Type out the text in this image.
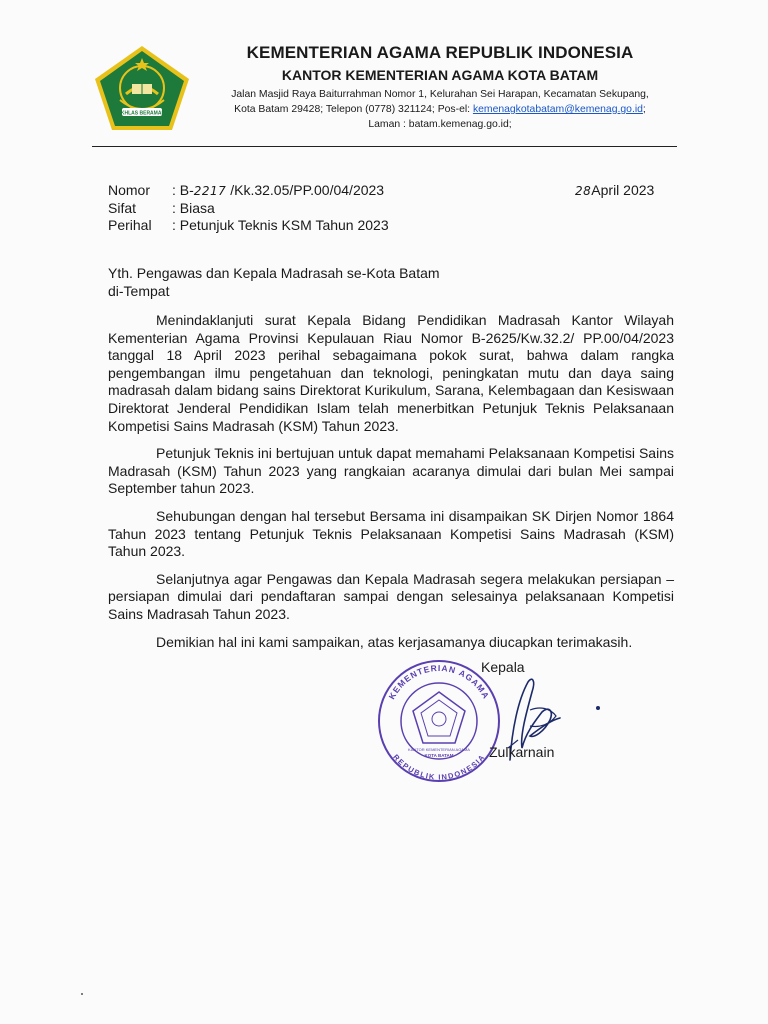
IKHLAS BERAMAL
KEMENTERIAN AGAMA REPUBLIK INDONESIA
KANTOR KEMENTERIAN AGAMA KOTA BATAM
Jalan Masjid Raya Baiturrahman Nomor 1, Kelurahan Sei Harapan, Kecamatan Sekupang,
Kota Batam 29428; Telepon (0778) 321124; Pos-el: kemenagkotabatam@kemenag.go.id;
Laman : batam.kemenag.go.id;
Nomor	: B-2217 /Kk.32.05/PP.00/04/2023
Sifat	: Biasa
Perihal	: Petunjuk Teknis KSM Tahun 2023
28April 2023
Yth. Pengawas dan Kepala Madrasah se-Kota Batam
di-Tempat

Menindaklanjuti surat Kepala Bidang Pendidikan Madrasah Kantor Wilayah Kementerian Agama Provinsi Kepulauan Riau Nomor B-2625/Kw.32.2/ PP.00/04/2023 tanggal 18 April 2023 perihal sebagaimana pokok surat, bahwa dalam rangka pengembangan ilmu pengetahuan dan teknologi, peningkatan mutu dan daya saing madrasah dalam bidang sains Direktorat Kurikulum, Sarana, Kelembagaan dan Kesiswaan Direktorat Jenderal Pendidikan Islam telah menerbitkan Petunjuk Teknis Pelaksanaan Kompetisi Sains Madrasah (KSM) Tahun 2023.

Petunjuk Teknis ini bertujuan untuk dapat memahami Pelaksanaan Kompetisi Sains Madrasah (KSM) Tahun 2023 yang rangkaian acaranya dimulai dari bulan Mei sampai September tahun 2023.

Sehubungan dengan hal tersebut Bersama ini disampaikan SK Dirjen Nomor 1864 Tahun 2023 tentang Petunjuk Teknis Pelaksanaan Kompetisi Sains Madrasah (KSM) Tahun 2023.

Selanjutnya agar Pengawas dan Kepala Madrasah segera melakukan persiapan – persiapan dimulai dari pendaftaran sampai dengan selesainya pelaksanaan Kompetisi Sains Madrasah Tahun 2023.

Demikian hal ini kami sampaikan, atas kerjasamanya diucapkan terimakasih.

KEMENTERIAN AGAMA
REPUBLIK INDONESIA
KANTOR KEMENTERIAN AGAMA
KOTA BATAM
Kepala
Zulkarnain
